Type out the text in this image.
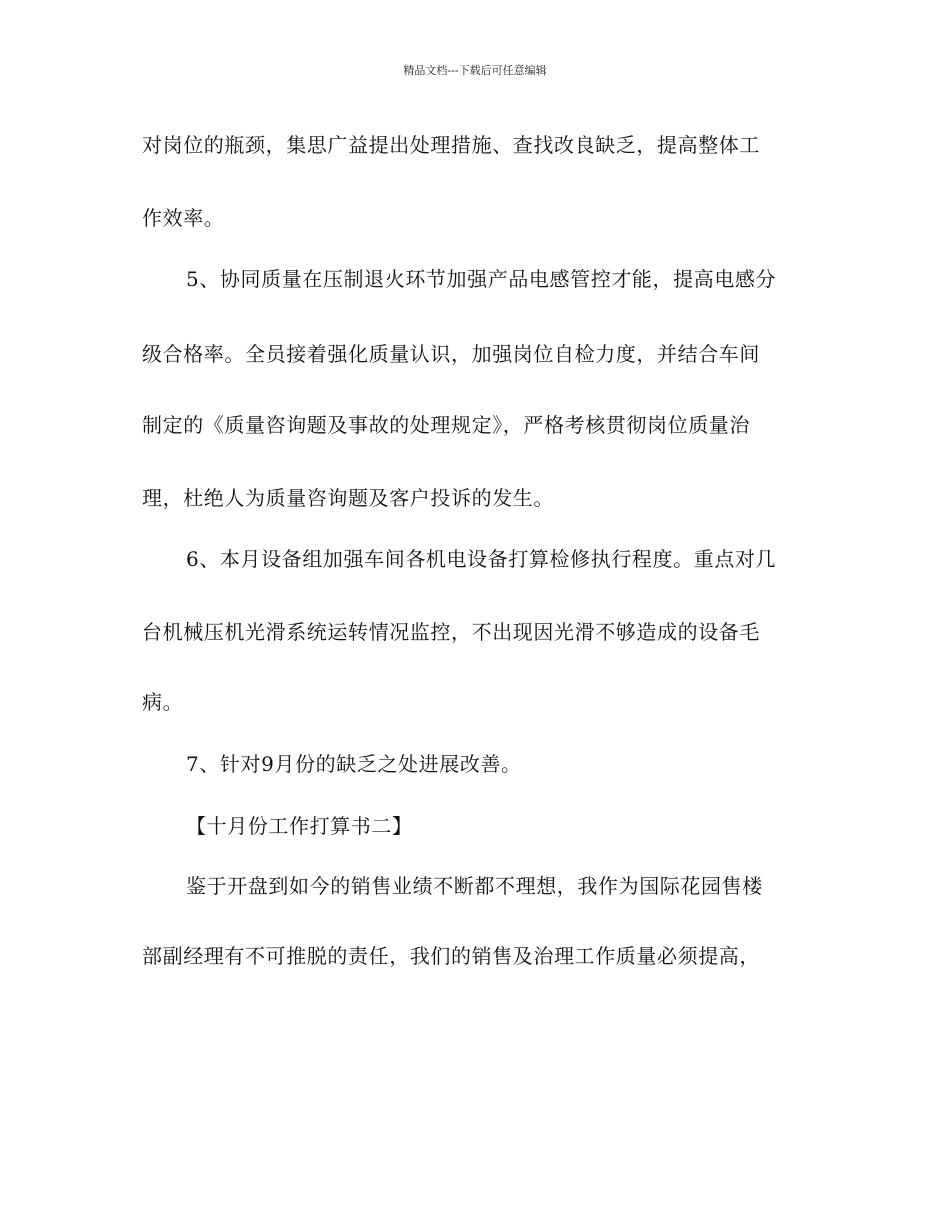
精品文档---下载后可任意编辑
对岗位的瓶颈，集思广益提出处理措施、查找改良缺乏，提高整体工
作效率。
5、协同质量在压制退火环节加强产品电感管控才能，提高电感分
级合格率。全员接着强化质量认识，加强岗位自检力度，并结合车间
制定的《质量咨询题及事故的处理规定》，严格考核贯彻岗位质量治
理，杜绝人为质量咨询题及客户投诉的发生。
6、本月设备组加强车间各机电设备打算检修执行程度。重点对几
台机械压机光滑系统运转情况监控，不出现因光滑不够造成的设备毛
病。
7、针对9月份的缺乏之处进展改善。
【十月份工作打算书二】
鉴于开盘到如今的销售业绩不断都不理想，我作为国际花园售楼
部副经理有不可推脱的责任，我们的销售及治理工作质量必须提高，
